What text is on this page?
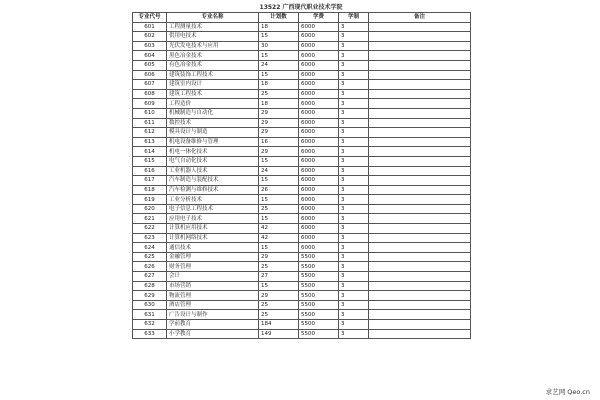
13522 广西现代职业技术学院
专业代号	专业名称	计划数	学费	学制	备注
601	工程测量技术	18	6000	3	
602	供用电技术	15	6000	3	
603	光伏发电技术与应用	30	6000	3	
604	黑色冶金技术	15	6000	3	
605	有色冶金技术	24	6000	3	
606	建筑装饰工程技术	15	6000	3	
607	建筑室内设计	18	6000	3	
608	建筑工程技术	25	6000	3	
609	工程造价	18	6000	3	
610	机械制造与自动化	29	6000	3	
611	数控技术	29	6000	3	
612	模具设计与制造	29	6000	3	
613	机电设备维修与管理	16	6000	3	
614	机电一体化技术	29	6000	3	
615	电气自动化技术	15	6000	3	
616	工业机器人技术	24	6000	3	
617	汽车制造与装配技术	15	6000	3	
618	汽车检测与维修技术	26	6000	3	
619	工业分析技术	15	6000	3	
620	电子信息工程技术	25	6000	3	
621	应用电子技术	15	6000	3	
622	计算机应用技术	42	6000	3	
623	计算机网络技术	42	6000	3	
624	通信技术	15	6000	3	
625	金融管理	29	5500	3	
626	财务管理	25	5500	3	
627	会计	27	5500	3	
628	市场营销	15	5500	3	
629	物流管理	29	5500	3	
630	酒店管理	25	5500	3	
631	广告设计与制作	25	5500	3	
632	学前教育	184	5500	3	
633	小学教育	149	5500	3	
求艺网 Qeo.cn
